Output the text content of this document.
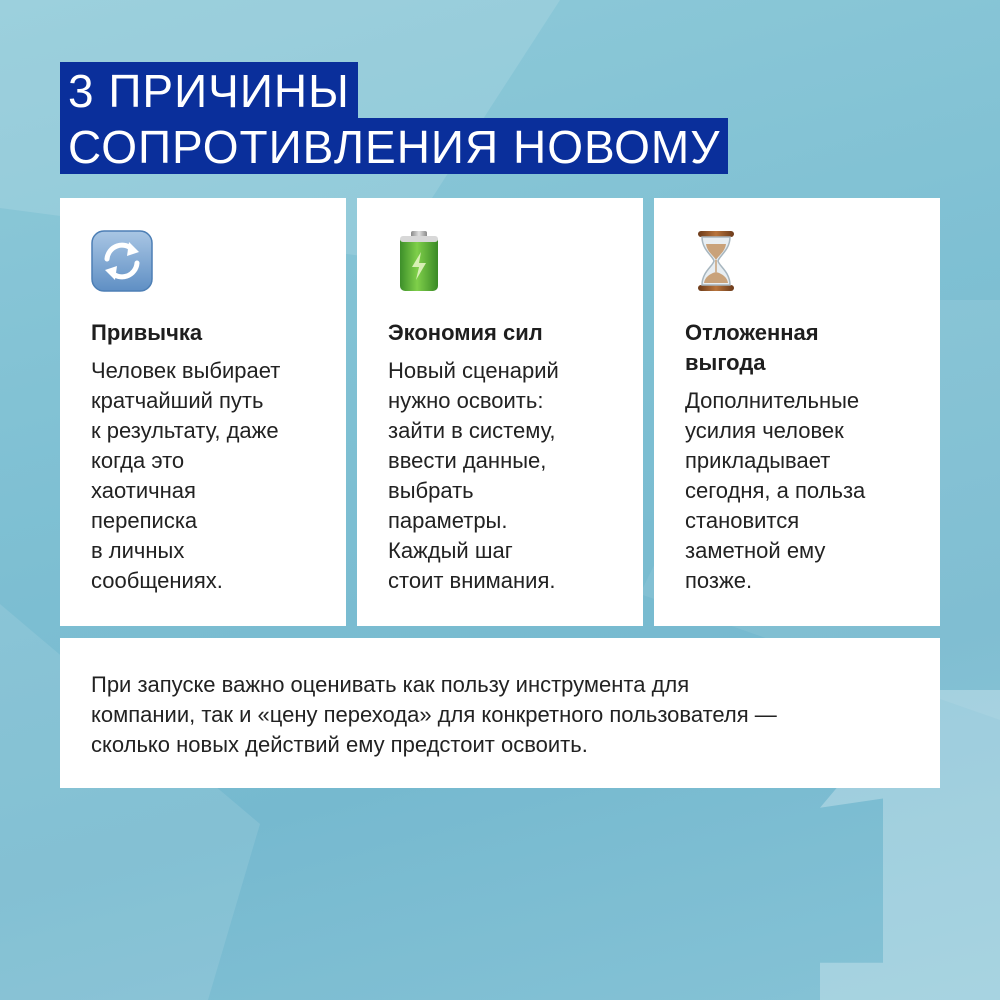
3 ПРИЧИНЫ
СОПРОТИВЛЕНИЯ НОВОМУ

Привычка

Человек выбирает
кратчайший путь
к результату, даже
когда это
хаотичная
переписка
в личных
сообщениях.

Экономия сил

Новый сценарий
нужно освоить:
зайти в систему,
ввести данные,
выбрать
параметры.
Каждый шаг
стоит внимания.

Отложенная
выгода

Дополнительные
усилия человек
прикладывает
сегодня, а польза
становится
заметной ему
позже.

При запуске важно оценивать как пользу инструмента для
компании, так и «цену перехода» для конкретного пользователя —
сколько новых действий ему предстоит освоить.
